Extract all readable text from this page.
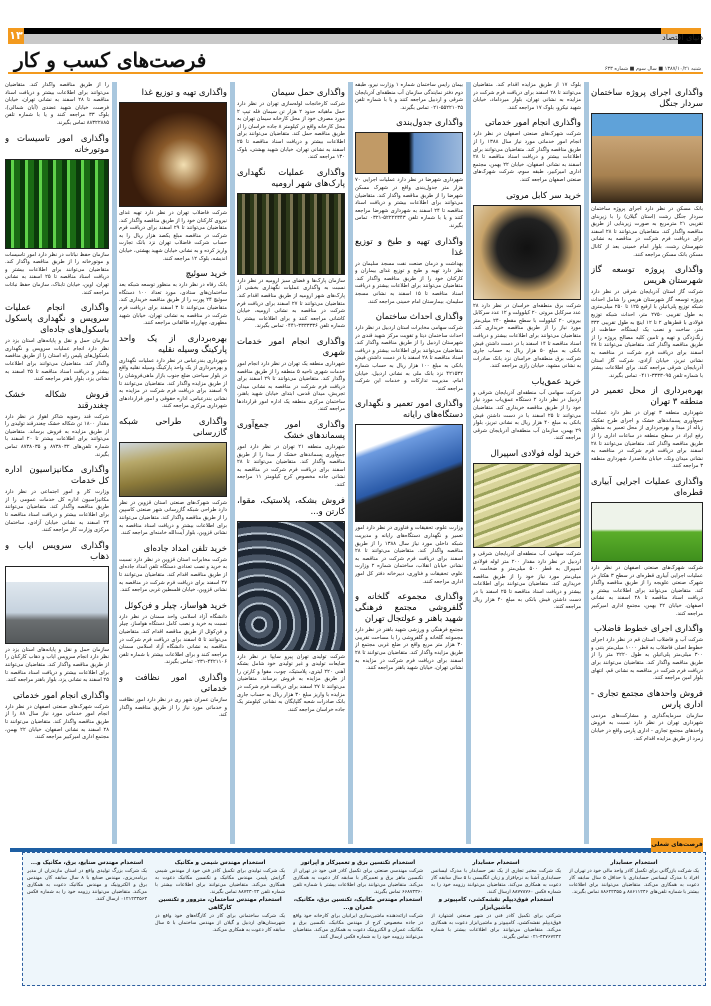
۱۳	دنیای اقتصاد
فرصت‌های کسب و کار	شنبه ۱۳۸۷/۱۰/۲۱ ■ سال سوم ■ شماره ۶۳۳
واگذاری اجرای پروژه ساختمان سردار جنگل

بانک مسکن در نظر دارد اجرای پروژه ساختمان سردار جنگل رشت (استان گیلان) را با زیربنای تقریبی ۲۱ مترمربع به صورت زیربنایی از طریق مناقصه واگذار کند. متقاضیان می‌توانند تا ۲۸ اسفند برای دریافت فرم شرکت در مناقصه به نشانی شهرستان رشت، بلوار امام خمینی بعد از کانال مسکن بانک مسکن مراجعه کنند.

واگذاری پروژه توسعه گاز شهرستان هریس

شرکت گاز استان آذربایجان شرقی در نظر دارد پروژه توسعه گاز شهرستان هریس را شامل احداث شبکه توزیع پلی‌اتیلن با ارفیع ۱۲۵ تا ۲۵۰ میلی‌متری به طول تقریبی ۲۷۵۰ متر، احداث شبکه توزیع فولادی با قطرهای ۲ تا ۱۲ اینچ به طول تقریبی ۳۳۲ متر، ساخت و نصب یک ایستگاه، حفاظت از زنگ‌زدگی و تهیه و تامین کلیه مصالح پروژه را از طریق مناقصه واگذار کند. متقاضیان می‌توانند تا ۲۸ اسفند برای دریافت فرم شرکت در مناقصه به نشانی تبریز، خیابان آزادی، شرکت گاز استان آذربایجان شرقی مراجعه کنند. برای اطلاعات بیشتر با شماره تلفن ۳۳۳۳۰۹۵-۰۴۱۱ تماس بگیرند.

بهره‌برداری از محل تعمیر در منطقه ۳ تهران

شهرداری منطقه ۳ تهران در نظر دارد عملیات جمع‌آوری پسماندهای خشک و اجرای طرح تفکیک زباله از مبدا و بهره‌برداری از محل تعمیر به منظور رفع ایراد در سطح منطقه در ساعات اداری را از طریق مناقصه واگذار کند. متقاضیان می‌توانند تا ۲۸ اسفند برای دریافت فرم شرکت در مناقصه به نشانی میدان ونک، خیابان ملاصدرا، شهرداری منطقه ۳ مراجعه کنند.

واگذاری عملیات اجرایی آبیاری قطره‌ای

شرکت شهرک‌های صنعتی اصفهان در نظر دارد عملیات اجرایی آبیاری قطره‌ای در سطح ۳ هکتار در شهرک صنعتی علویجه را از طریق مناقصه واگذار کند. متقاضیان می‌توانند برای اطلاعات بیشتر و دریافت اسناد مناقصه تا ۲۸ اسفند به نشانی اصفهان، خیابان ۲۲ بهمن، مجتمع اداری امیرکبیر مراجعه کنند.

واگذاری اجرای خطوط فاضلاب

شرکت آب و فاضلاب استان قم در نظر دارد اجرای خطوط اصلی فاضلاب به قطر ۱۰۰۰ میلی‌متر بتنی و ۳۰۰ میلی‌متر پلی‌اتیلن به طول ۲۲۲۰ متر را از طریق مناقصه واگذار کند. متقاضیان می‌توانند برای دریافت فرم شرکت در مناقصه به نشانی قم، انتهای بلوار امین مراجعه کنند.

فروش واحدهای مجتمع تجاری - اداری پارس

سازمان سرمایه‌گذاری و مشارکت‌های مردمی شهرداری تهران در نظر دارد نسبت به فروش واحدهای مجتمع تجاری - اداری پارس واقع در خیابان زمرد از طریق مزایده اقدام کند.

بلوک ۱۷ از طریق مزایده اقدام کند. متقاضیان می‌توانند تا ۲۸ اسفند برای دریافت فرم شرکت در مزایده به نشانی تهران، بلوار میرداماد، خیابان شهید نیکرو، بلوک ۱۷ مراجعه کنند.

واگذاری انجام امور خدماتی

شرکت شهرک‌های صنعتی اصفهان در نظر دارد انجام امور خدماتی مورد نیاز سال ۱۳۸۸ را از طریق مناقصه واگذار کند. متقاضیان می‌توانند برای اطلاعات بیشتر و دریافت اسناد مناقصه تا ۲۸ اسفند به نشانی اصفهان، خیابان ۲۲ بهمن، مجتمع اداری امیرکبیر، طبقه سوم، شرکت شهرک‌های صنعتی اصفهان مراجعه کنند.

خرید سر کابل مروتی

شرکت برق منطقه‌ای خراسان در نظر دارد ۲۸ عدد سرکابل مروتی ۲۰ کیلوولت و ۱۲ عدد سرکابل بیرونی ۲۰ کیلوولت با سطح مقطع ۲۴۰ میلی‌متر مورد نیاز را از طریق مناقصه خریداری کند. متقاضیان می‌توانند برای اطلاعات بیشتر و دریافت اسناد مناقصه تا ۱۴ اسفند با در دست داشتن فیش بانکی به مبلغ ۵۰ هزار ریال به حساب جاری شرکت برق منطقه‌ای خراسان نزد بانک صادرات به نشانی مشهد، خیابان رازی مراجعه کنند.

خرید عمق‌یاب

شرکت سهامی آب منطقه‌ای آذربایجان شرقی و اردبیل در نظر دارد ۲ دستگاه عمق‌یاب مورد نیاز خود را از طریق مناقصه خریداری کند. متقاضیان می‌توانند تا ۲۵ اسفند با در دست داشتن فیش بانکی به مبلغ ۴۰ هزار ریال به نشانی تبریز، بلوار ۲۹ بهمن، سازمان آب منطقه‌ای آذربایجان شرقی مراجعه کنند.

خرید لوله فولادی اسپیرال

شرکت سهامی آب منطقه‌ای آذربایجان شرقی و اردبیل در نظر دارد مقدار ۲۰۰ متر لوله فولادی اسپیرال به قطر ۵۰۰ میلی‌متر و ضخامت ۸ میلی‌متر مورد نیاز خود را از طریق مناقصه خریداری کند. متقاضیان می‌توانند برای اطلاعات بیشتر و دریافت اسناد مناقصه تا ۲۵ اسفند با در دست داشتن فیش بانکی به مبلغ ۴۰ هزار ریال مراجعه کنند.

بیمان رایس ساختمان شماره ۱ وزارت نیرو، طبقه دوم دفتر نمایندگی سازمان آب منطقه‌ای آذربایجان شرقی و اردبیل مراجعه کنند و یا با شماره تلفن ۵۵۲۲۱۰۳۵-۰۲۱ تماس بگیرند.

واگذاری جدول‌بندی

شهرداری شهرضا در نظر دارد عملیات اجرایی ۷۰ هزار متر جدول‌بندی واقع در شهرک مسکن شهرضا را از طریق مناقصه واگذار کند. متقاضیان می‌توانند برای اطلاعات بیشتر و دریافت اسناد مناقصه تا ۲۴ اسفند به شهرداری شهرضا مراجعه کنند و یا با شماره تلفن ۵۲۲۲۲۳۴۳-۰۳۲۱ تماس بگیرند.

واگذاری تهیه و طبخ و توزیع غذا

بهداشت و درمان صنعت نفت مسجد سلیمان در نظر دارد تهیه و طبخ و توزیع غذای بیماران و کارکنان خود را از طریق مناقصه واگذار کند. متقاضیان می‌توانند برای اطلاعات بیشتر و دریافت اسناد مناقصه تا ۱۵ اسفند به نشانی مسجد سلیمان، بیمارستان امام خمینی مراجعه کنند.

واگذاری احداث ساختمان

شرکت سهامی مخابرات استان اردبیل در نظر دارد احداث ساختمان دیتا و تقویت مرکز شهید قندی در شهرستان اردبیل را از طریق مناقصه واگذار کند. متقاضیان می‌توانند برای اطلاعات بیشتر و دریافت اسناد مناقصه تا ۲۸ اسفند با در دست داشتن فیش بانکی به مبلغ ۱۰۰ هزار ریال به حساب شماره ۴۲۱۵۳۲ نزد بانک ملی به نشانی اردبیل، خیابان امام، مدیریت تدارکات و خدمات این شرکت مراجعه کنند.

واگذاری امور تعمیر و نگهداری دستگاه‌های رایانه

وزارت علوم، تحقیقات و فناوری در نظر دارد امور تعمیر و نگهداری دستگاه‌های رایانه و مدیریت شبکه داخلی مورد نیاز سال ۱۳۸۸ را از طریق مناقصه واگذار کند. متقاضیان می‌توانند تا ۲۸ اسفند برای دریافت فرم شرکت در مناقصه به نشانی خیابان انقلاب، ساختمان شماره ۲ وزارت علوم، تحقیقات و فناوری، دبیرخانه دفتر کل امور اداری مراجعه کنند.

واگذاری مجموعه گلخانه و گلفروشی مجتمع فرهنگی شهید باهنر و عولتجال تهران

مجتمع فرهنگی و ورزشی شهید باهنر در نظر دارد مجموعه گلخانه و گلفروشی را با مساحت تقریبی ۳۰ هزار متر مربع واقع در ضلع غربی مجتمع از طریق مزایده واگذار کند. متقاضیان می‌توانند تا ۲۸ اسفند برای دریافت فرم شرکت در مزایده به نشانی تهران، خیابان شهید باهنر مراجعه کنند.

واگذاری حمل سیمان

شرکت کارخانجات لوله‌سازی تهران در نظر دارد حمل ماهیانه حدود ۲ هزار تن سیمان فله تیپ ۲ مورد مصرف خود از محل کارخانه سیمان تهران به محل کارخانه واقع در کیلومتر ۸ جاده خراسان را از طریق مناقصه حمل کند. متقاضیان می‌توانند برای اطلاعات بیشتر و دریافت اسناد مناقصه تا ۲۵ اسفند به نشانی تهران، خیابان شهید بهشتی، بلوک ۱۳۰ مراجعه کنند.

واگذاری عملیات نگهداری پارک‌های شهر ارومیه

سازمان پارک‌ها و فضای سبز ارومیه در نظر دارد نسبت به واگذاری عملیات نگهداری بخشی از پارک‌های شهر ارومیه از طریق مناقصه اقدام کند. متقاضیان می‌توانند تا ۲۷ اسفند برای دریافت فرم شرکت در مناقصه به نشانی ارومیه، خیابان کاشانی مراجعه کنند و برای اطلاعات بیشتر با شماره تلفن ۳۳۳۳۳۳۶-۰۴۴۱ تماس بگیرند.

واگذاری انجام امور خدمات شهری

شهرداری منطقه یک تهران در نظر دارد انجام امور خدمات شهری ناحیه ۵ منطقه را از طریق مناقصه واگذار کند. متقاضیان می‌توانند تا ۲۹ اسفند برای دریافت فرم شرکت در مناقصه به نشانی میدان تجریش، میدان قدس، ابتدای خیابان شهید باهنر، ساختمان مرکزی منطقه یک اداره امور قراردادها مراجعه کنند.

واگذاری امور جمع‌آوری پسماندهای خشک

شهرداری منطقه ۲۱ تهران در نظر دارد امور جمع‌آوری پسماندهای خشک از مبدا را از طریق مناقصه واگذار کند. متقاضیان می‌توانند تا ۲۸ اسفند برای دریافت فرم شرکت در مناقصه به نشانی جاده مخصوص کرج کیلومتر ۱۱ مراجعه کنند.

فروش بشکه، پلاستیک، مقوا، کارتن و...

شرکت تولیدی تهران پیرو سایپا در نظر دارد ضایعات تولیدی و غیر تولیدی خود شامل بشکه آهنی ۲۲۰ لیتری، پلاستیک، چوب، مقوا و کارتن را از طریق مزایده به فروش برساند. متقاضیان می‌توانند تا ۲۷ اسفند برای دریافت فرم شرکت در مزایده با واریز مبلغ ۳۰ هزار ریال به حساب جاری بانک صادرات شعبه گلپایگان به نشانی کیلومتر یک جاده خراسان مراجعه کنند.

واگذاری تهیه و توزیع غذا

شرکت فاضلاب تهران در نظر دارد تهیه غذای نیروی کارکنان خود را از طریق مناقصه واگذار کند. متقاضیان می‌توانند تا ۲۹ اسفند برای دریافت فرم شرکت در مناقصه مبلغ یکصد هزار ریال را به حساب شرکت فاضلاب تهران نزد بانک تجارت واریز کرده و به نشانی خیابان شهید بهشتی، خیابان اندیشه، بلوک ۱۲ مراجعه کنند.

خرید سوئیچ

بانک رفاه در نظر دارد به منظور توسعه شبکه بعد ساختمان‌های ستادی، مورد تعداد ۱۰۰ دستگاه سوئیچ ۲۴ پورت را از طریق مناقصه خریداری کند. متقاضیان می‌توانند تا ۳ اسفند برای دریافت فرم شرکت در مناقصه به نشانی تهران، خیابان شهید مطهری، چهارراه طالقانی مراجعه کنند.

بهره‌برداری از یک واحد پارکینگ وسیله نقلیه

شهرداری بندرعباس در نظر دارد عملیات نگهداری و بهره‌برداری از یک واحد پارکینگ وسیله نقلیه واقع در بلوار سیاحتی ضلع جنوب بازار ماهی‌فروشان را از طریق مزایده واگذار کند. متقاضیان می‌توانند تا ۹ اسفند برای دریافت فرم شرکت در مزایده به نشانی بندرعباس، اداره حقوقی و امور قراردادهای شهرداری مرکزی مراجعه کنند.

واگذاری طراحی شبکه گازرسانی

شرکت شهرک‌های صنعتی استان قزوین در نظر دارد طراحی شبکه گازرسانی شهر صنعتی کاسپین را از طریق مناقصه واگذار کند. متقاضیان می‌توانند برای اطلاعات بیشتر و دریافت اسناد مناقصه به نشانی قزوین، بلوار آیت‌الله خامنه‌ای مراجعه کنند.

خرید تلفن امداد جاده‌ای

شرکت مخابرات استان قزوین در نظر دارد نسبت به خرید و نصب تعدادی دستگاه تلفن امداد جاده‌ای از طریق مناقصه اقدام کند. متقاضیان می‌توانند تا ۲۷ اسفند برای دریافت فرم شرکت در مناقصه به نشانی قزوین، خیابان فلسطین غربی مراجعه کنند.

خرید هواساز، چیلر و فن‌کوئل

دانشگاه آزاد اسلامی واحد سمنان در نظر دارد نسبت به خرید و نصب کامل دستگاه هواساز، چیلر و فن‌کوئل از طریق مناقصه اقدام کند. متقاضیان می‌توانند تا ۵ اسفند برای دریافت فرم شرکت در مناقصه به نشانی دانشگاه آزاد اسلامی سمنان مراجعه کنند و برای اطلاعات بیشتر با شماره تلفن ۴۴۲۱۱۰۶-۰۲۳۱ تماس بگیرند.

واگذاری امور نظافت و خدماتی

سازمان عمران شهر ری در نظر دارد امور نظافت و خدماتی مورد نیاز را از طریق مناقصه واگذار کند.

را از طریق مناقصه واگذار کند. متقاضیان می‌توانند برای اطلاعات بیشتر و دریافت اسناد مناقصه تا ۲۸ اسفند به نشانی تهران، خیابان فرصت، خیابان شهید عضدی (آبان شمالی)، بلوک ۳۳ مراجعه کنند و یا با شماره تلفن ۸۸۳۲۲۸۸۵ تماس بگیرند.

واگذاری امور تاسیسات و موتورخانه

سازمان حفظ نباتات در نظر دارد امور تاسیسات و موتورخانه را از طریق مناقصه واگذار کند. متقاضیان می‌توانند برای اطلاعات بیشتر و دریافت اسناد مناقصه تا ۲۵ اسفند به نشانی تهران، اوین، خیابان تابناک، سازمان حفظ نباتات مراجعه کنند.

واگذاری انجام عملیات سرویس و نگهداری پاسکول باسکول‌های جاده‌ای

سازمان حمل و نقل و پایانه‌های استان یزد در نظر دارد انجام عملیات سرویس و نگهداری باسکول‌های پلیس راه استان را از طریق مناقصه واگذار کند. متقاضیان می‌توانند برای اطلاعات بیشتر و دریافت اسناد مناقصه تا ۲۵ اسفند به نشانی یزد، بلوار باهنر مراجعه کنند.

فروش شکاله خشک چغندرقند

شرکت قند رضویه شاکر اهواز در نظر دارد مقدار ۱۸۰۰ تن شکاله خشک چغندرقند تولیدی را از طریق مزایده به فروش برساند. متقاضیان می‌توانند برای اطلاعات بیشتر تا ۲۰ اسفند با شماره تلفن‌های ۸۷۳۸۰۳۲ و ۸۷۳۸۰۳۵ تماس بگیرند.

واگذاری مکانیزاسیون اداره کل خدمات

وزارت کار و امور اجتماعی در نظر دارد مکانیزاسیون اداره کل خدمات عمومی را از طریق مناقصه واگذار کند. متقاضیان می‌توانند برای اطلاعات بیشتر و دریافت اسناد مناقصه تا ۲۴ اسفند به نشانی خیابان آزادی، ساختمان مرکزی وزارت کار مراجعه کنند.

واگذاری سرویس ایاب و ذهاب

سازمان حمل و نقل و پایانه‌های استان یزد در نظر دارد انجام سرویس ایاب و ذهاب کارکنان را از طریق مناقصه واگذار کند. متقاضیان می‌توانند برای اطلاعات بیشتر و دریافت اسناد مناقصه تا ۲۵ اسفند به نشانی یزد، بلوار باهنر مراجعه کنند.

واگذاری انجام امور خدماتی

شرکت شهرک‌های صنعتی اصفهان در نظر دارد انجام امور خدماتی مورد نیاز سال ۸۸ را از طریق مناقصه واگذار کند. متقاضیان می‌توانند تا ۲۸ اسفند به نشانی اصفهان، خیابان ۲۲ بهمن، مجتمع اداری امیرکبیر مراجعه کنند.

فرصت‌های شغلی
استخدام حسابدار

یک شرکت بازرگانی برای تکمیل کادر واحد مالی خود در تهران از افراد با مدرک لیسانس حسابداری با حداقل ۵ سال سابقه کار دعوت به همکاری می‌کند. متقاضیان می‌توانند برای اطلاعات بیشتر با شماره تلفن‌های ۸۸۶۱۱۲۴۶ و ۸۸۶۲۲۳۵۵ تماس بگیرند.

استخدام حسابدار

یک شرکت معتبر تجاری از یک نفر حسابدار با مدرک لیسانس حسابداری آشنا به نرم‌افزار و زبان انگلیسی با ۵ سال سابقه کار دعوت به همکاری می‌کند. متقاضیان می‌توانند رزومه خود را به شماره فکس ۸۸۷۷۸۷۶۰ ارسال کنند.

استخدام فوق‌دیپلم نقشه‌کشی، کامپیوتر و ماشین‌ابزار

شرکتی برای تکمیل کادر فنی در شهر صنعتی اشتهارد از فوق‌دیپلم نقشه‌کشی، کامپیوتر و ماشین‌ابزار دعوت به همکاری می‌کند. متقاضیان می‌توانند برای اطلاعات بیشتر با شماره ۴۴۷۶۷۲۴۲-۰۲۱ تماس بگیرند.

استخدام تکنسین برق و تعمیرکار و اپراتور

شرکت مهندسی صنعتی برای تکمیل کادر فنی خود در تهران از تکنسین ماهر برق و تعمیرکار با سابقه کار دعوت به همکاری می‌کند. متقاضیان می‌توانند برای اطلاعات بیشتر با شماره تلفن ۶۶۸۷۴۳۶۰ تماس بگیرند.

استخدام مهندس مکانیک، تکنسین برق، مکانیک، عمران و...

شرکت ارائه‌دهنده ماشین‌سازی ایرانیان برای کارخانه خود واقع در جاده مخصوص کرج از مهندس مکانیک، تکنسین برق و مکانیک، عمران و الکترونیک دعوت به همکاری می‌کند. متقاضیان می‌توانند رزومه خود را به شماره فکس ارسال کنند.

استخدام مهندس شیمی و مکانیک

یک شرکت تولیدی برای تکمیل کادر فنی خود از مهندس شیمی گرایش پلیمر، مهندس مکانیک و تکنسین مکانیک دعوت به همکاری می‌کند. متقاضیان می‌توانند برای اطلاعات بیشتر با شماره تلفن ۸۸۷۴۳۰۲۲ تماس بگیرند.

استخدام مهندس ساختمان، متروور و تکنسین کارگاهی

یک شرکت ساختمانی برای کار در کارگاه‌های خود واقع در شهرستان‌های اردبیل و گیلان از مهندس ساختمان با ۵ سال سابقه کار دعوت به همکاری می‌کند.

استخدام مهندس صنایع، برق، مکانیک و...

یک شرکت بزرگ تولیدی واقع در استان مازندران از مدیر برنامه‌ریزی، مهندس صنایع با ۸ سال سابقه کار، مهندس برق و الکترونیک و مهندس مکانیک دعوت به همکاری می‌کند. متقاضیان می‌توانند رزومه خود را به شماره فکس ۰۱۲۱۲۳۳۵۶۳ ارسال کنند.
